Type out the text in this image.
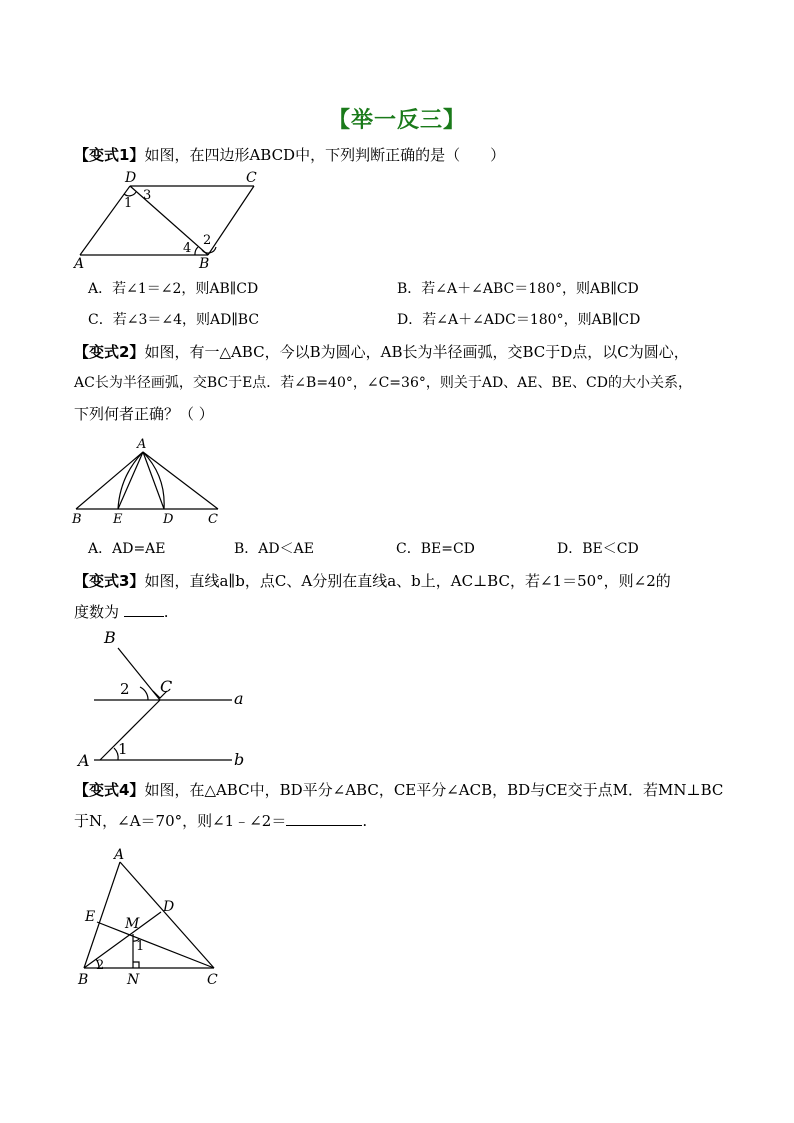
【举一反三】
【变式1】如图，在四边形ABCD中，下列判断正确的是（　　）
D	C
A	B
1
3
4
2
A．若∠1＝∠2，则AB∥CD	B．若∠A＋∠ABC＝180°，则AB∥CD
C．若∠3＝∠4，则AD∥BC	D．若∠A＋∠ADC＝180°，则AB∥CD
【变式2】如图，有一△ABC，今以B为圆心，AB长为半径画弧，交BC于D点，以C为圆心，
AC长为半径画弧，交BC于E点．若∠B=40°，∠C=36°，则关于AD、AE、BE、CD的大小关系，
下列何者正确？（ ）
A
B E	D	C
A．AD=AE	B．AD＜AE	C．BE=CD	D．BE＜CD
【变式3】如图，直线a∥b，点C、A分别在直线a、b上，AC⊥BC，若∠1＝50°，则∠2的
度数为	.
B
C
a
A	b
2
1
【变式4】如图，在△ABC中，BD平分∠ABC，CE平分∠ACB，BD与CE交于点M．若MN⊥BC
于N，∠A＝70°，则∠1﹣∠2＝	.
A
D
E M
B	N	C
1
2
